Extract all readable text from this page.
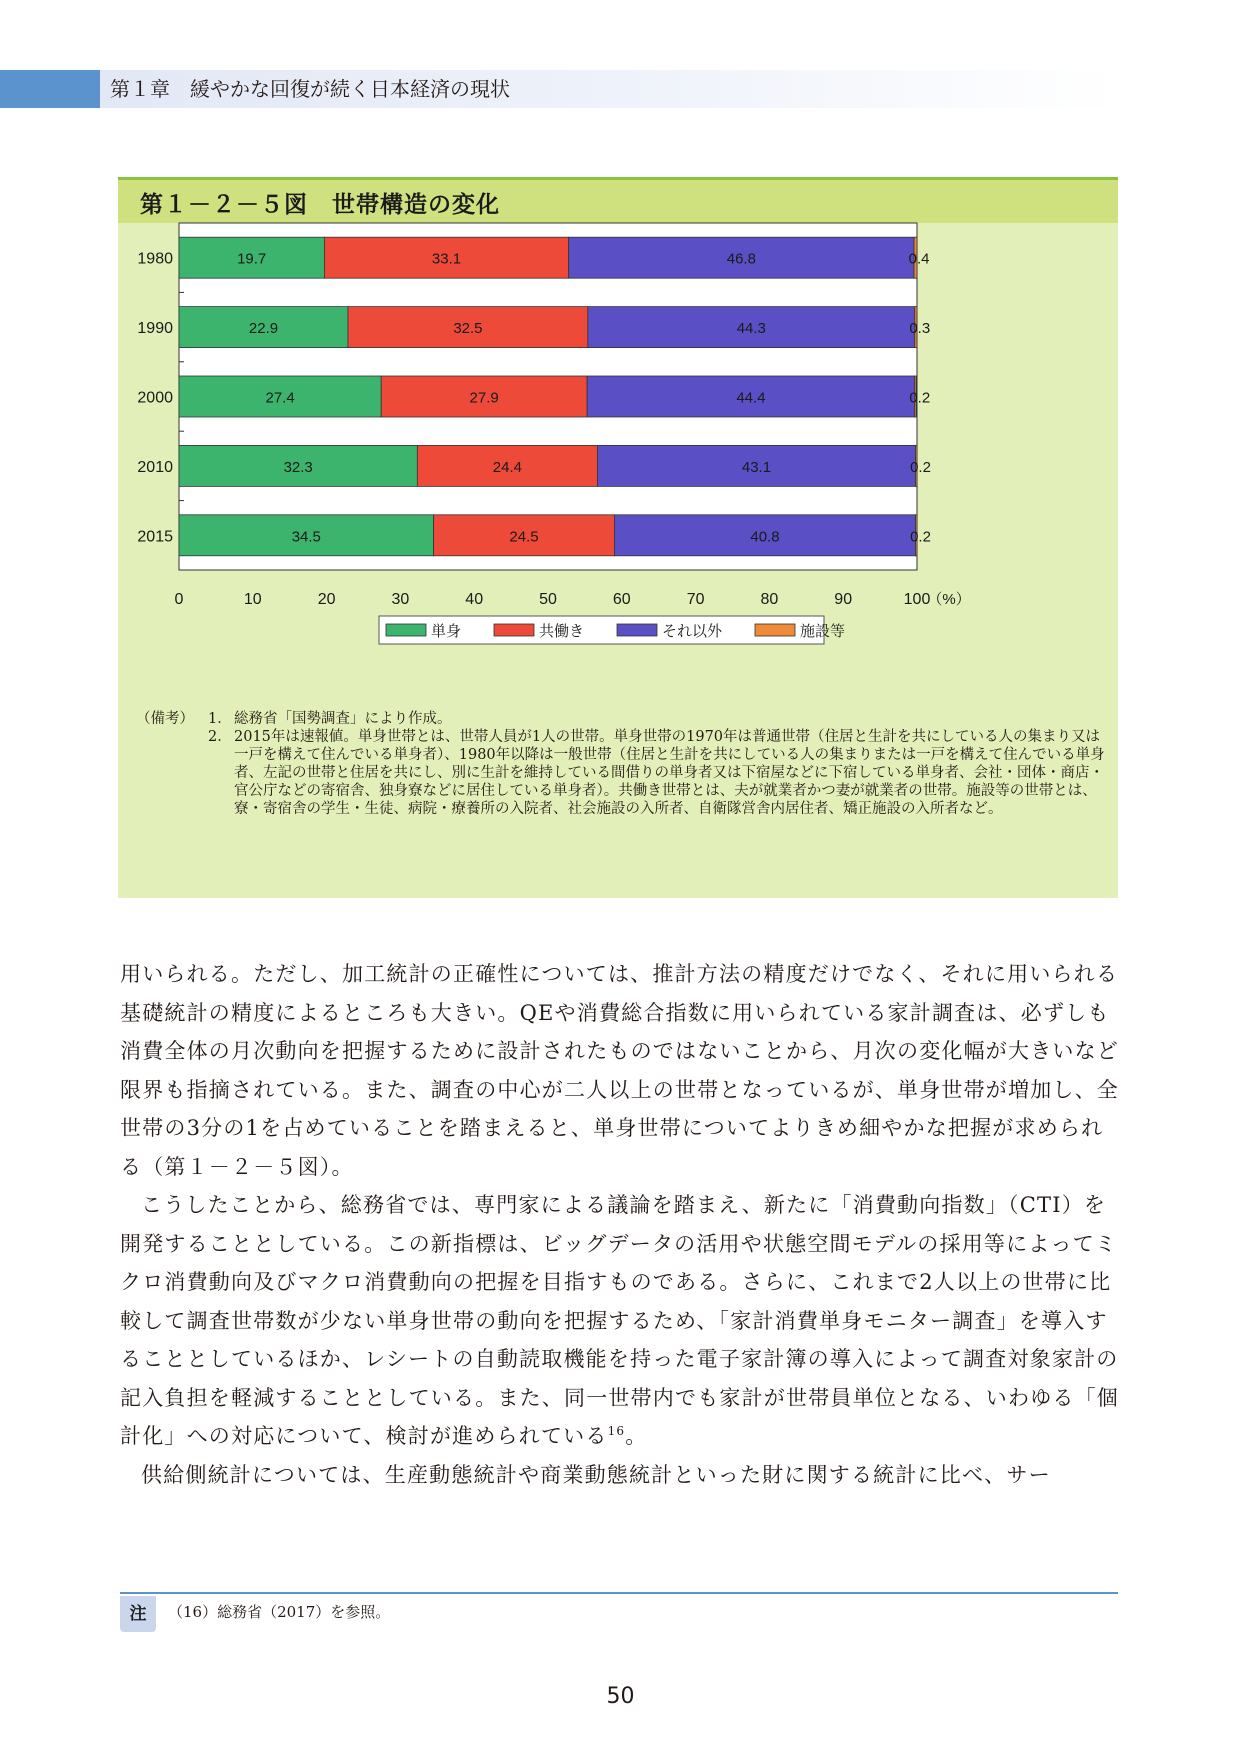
第１章　緩やかな回復が続く日本経済の現状
第１－２－５図　世帯構造の変化
1980	19.7	33.1	46.8	0.4
1990	22.9	32.5	44.3	0.3
2000	27.4	27.9	44.4	0.2
2010	32.3	24.4	43.1	0.2
2015	34.5	24.5	40.8	0.2
0	10	20	30	40	50	60	70	80	90	100
（%）
単身	共働き	それ以外	施設等
（備考） 1． 総務省「国勢調査」により作成。
2． 2015年は速報値。単身世帯とは、世帯人員が1人の世帯。単身世帯の1970年は普通世帯（住居と生計を共にしている人の集まり又は一戸を構えて住んでいる単身者）、1980年以降は一般世帯（住居と生計を共にしている人の集まりまたは一戸を構えて住んでいる単身者、左記の世帯と住居を共にし、別に生計を維持している間借りの単身者又は下宿屋などに下宿している単身者、会社・団体・商店・官公庁などの寄宿舎、独身寮などに居住している単身者）。共働き世帯とは、夫が就業者かつ妻が就業者の世帯。施設等の世帯とは、寮・寄宿舎の学生・生徒、病院・療養所の入院者、社会施設の入所者、自衛隊営舎内居住者、矯正施設の入所者など。

用いられる。ただし、加工統計の正確性については、推計方法の精度だけでなく、それに用いられる基礎統計の精度によるところも大きい。QEや消費総合指数に用いられている家計調査は、必ずしも消費全体の月次動向を把握するために設計されたものではないことから、月次の変化幅が大きいなど限界も指摘されている。また、調査の中心が二人以上の世帯となっているが、単身世帯が増加し、全世帯の3分の1を占めていることを踏まえると、単身世帯についてよりきめ細やかな把握が求められる（第１－２－５図）。

こうしたことから、総務省では、専門家による議論を踏まえ、新たに「消費動向指数」（CTI）を開発することとしている。この新指標は、ビッグデータの活用や状態空間モデルの採用等によってミクロ消費動向及びマクロ消費動向の把握を目指すものである。さらに、これまで2人以上の世帯に比較して調査世帯数が少ない単身世帯の動向を把握するため、「家計消費単身モニター調査」を導入することとしているほか、レシートの自動読取機能を持った電子家計簿の導入によって調査対象家計の記入負担を軽減することとしている。また、同一世帯内でも家計が世帯員単位となる、いわゆる「個計化」への対応について、検討が進められている$^{16}$。

供給側統計については、生産動態統計や商業動態統計といった財に関する統計に比べ、サー

注	（16）総務省（2017）を参照。
50
